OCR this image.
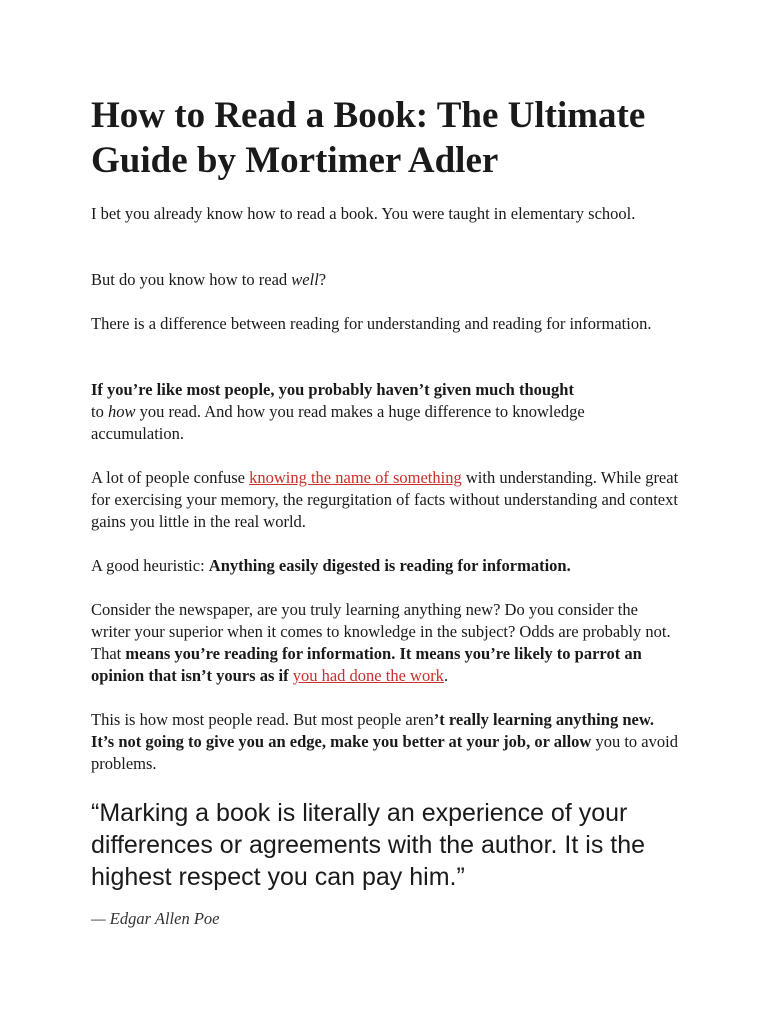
How to Read a Book: The Ultimate Guide by Mortimer Adler

I bet you already know how to read a book. You were taught in elementary school.

But do you know how to read well?

There is a difference between reading for understanding and reading for information.

If you’re like most people, you probably haven’t given much thought
to how you read. And how you read makes a huge difference to knowledge accumulation.

A lot of people confuse knowing the name of something with understanding. While great for exercising your memory, the regurgitation of facts without understanding and context gains you little in the real world.

A good heuristic: Anything easily digested is reading for information.

Consider the newspaper, are you truly learning anything new? Do you consider the writer your superior when it comes to knowledge in the subject? Odds are probably not. That means you’re reading for information. It means you’re likely to parrot an opinion that isn’t yours as if you had done the work.

This is how most people read. But most people aren’t really learning anything new. It’s not going to give you an edge, make you better at your job, or allow you to avoid problems.

“Marking a book is literally an experience of your differences or agreements with the author. It is the highest respect you can pay him.”

— Edgar Allen Poe
